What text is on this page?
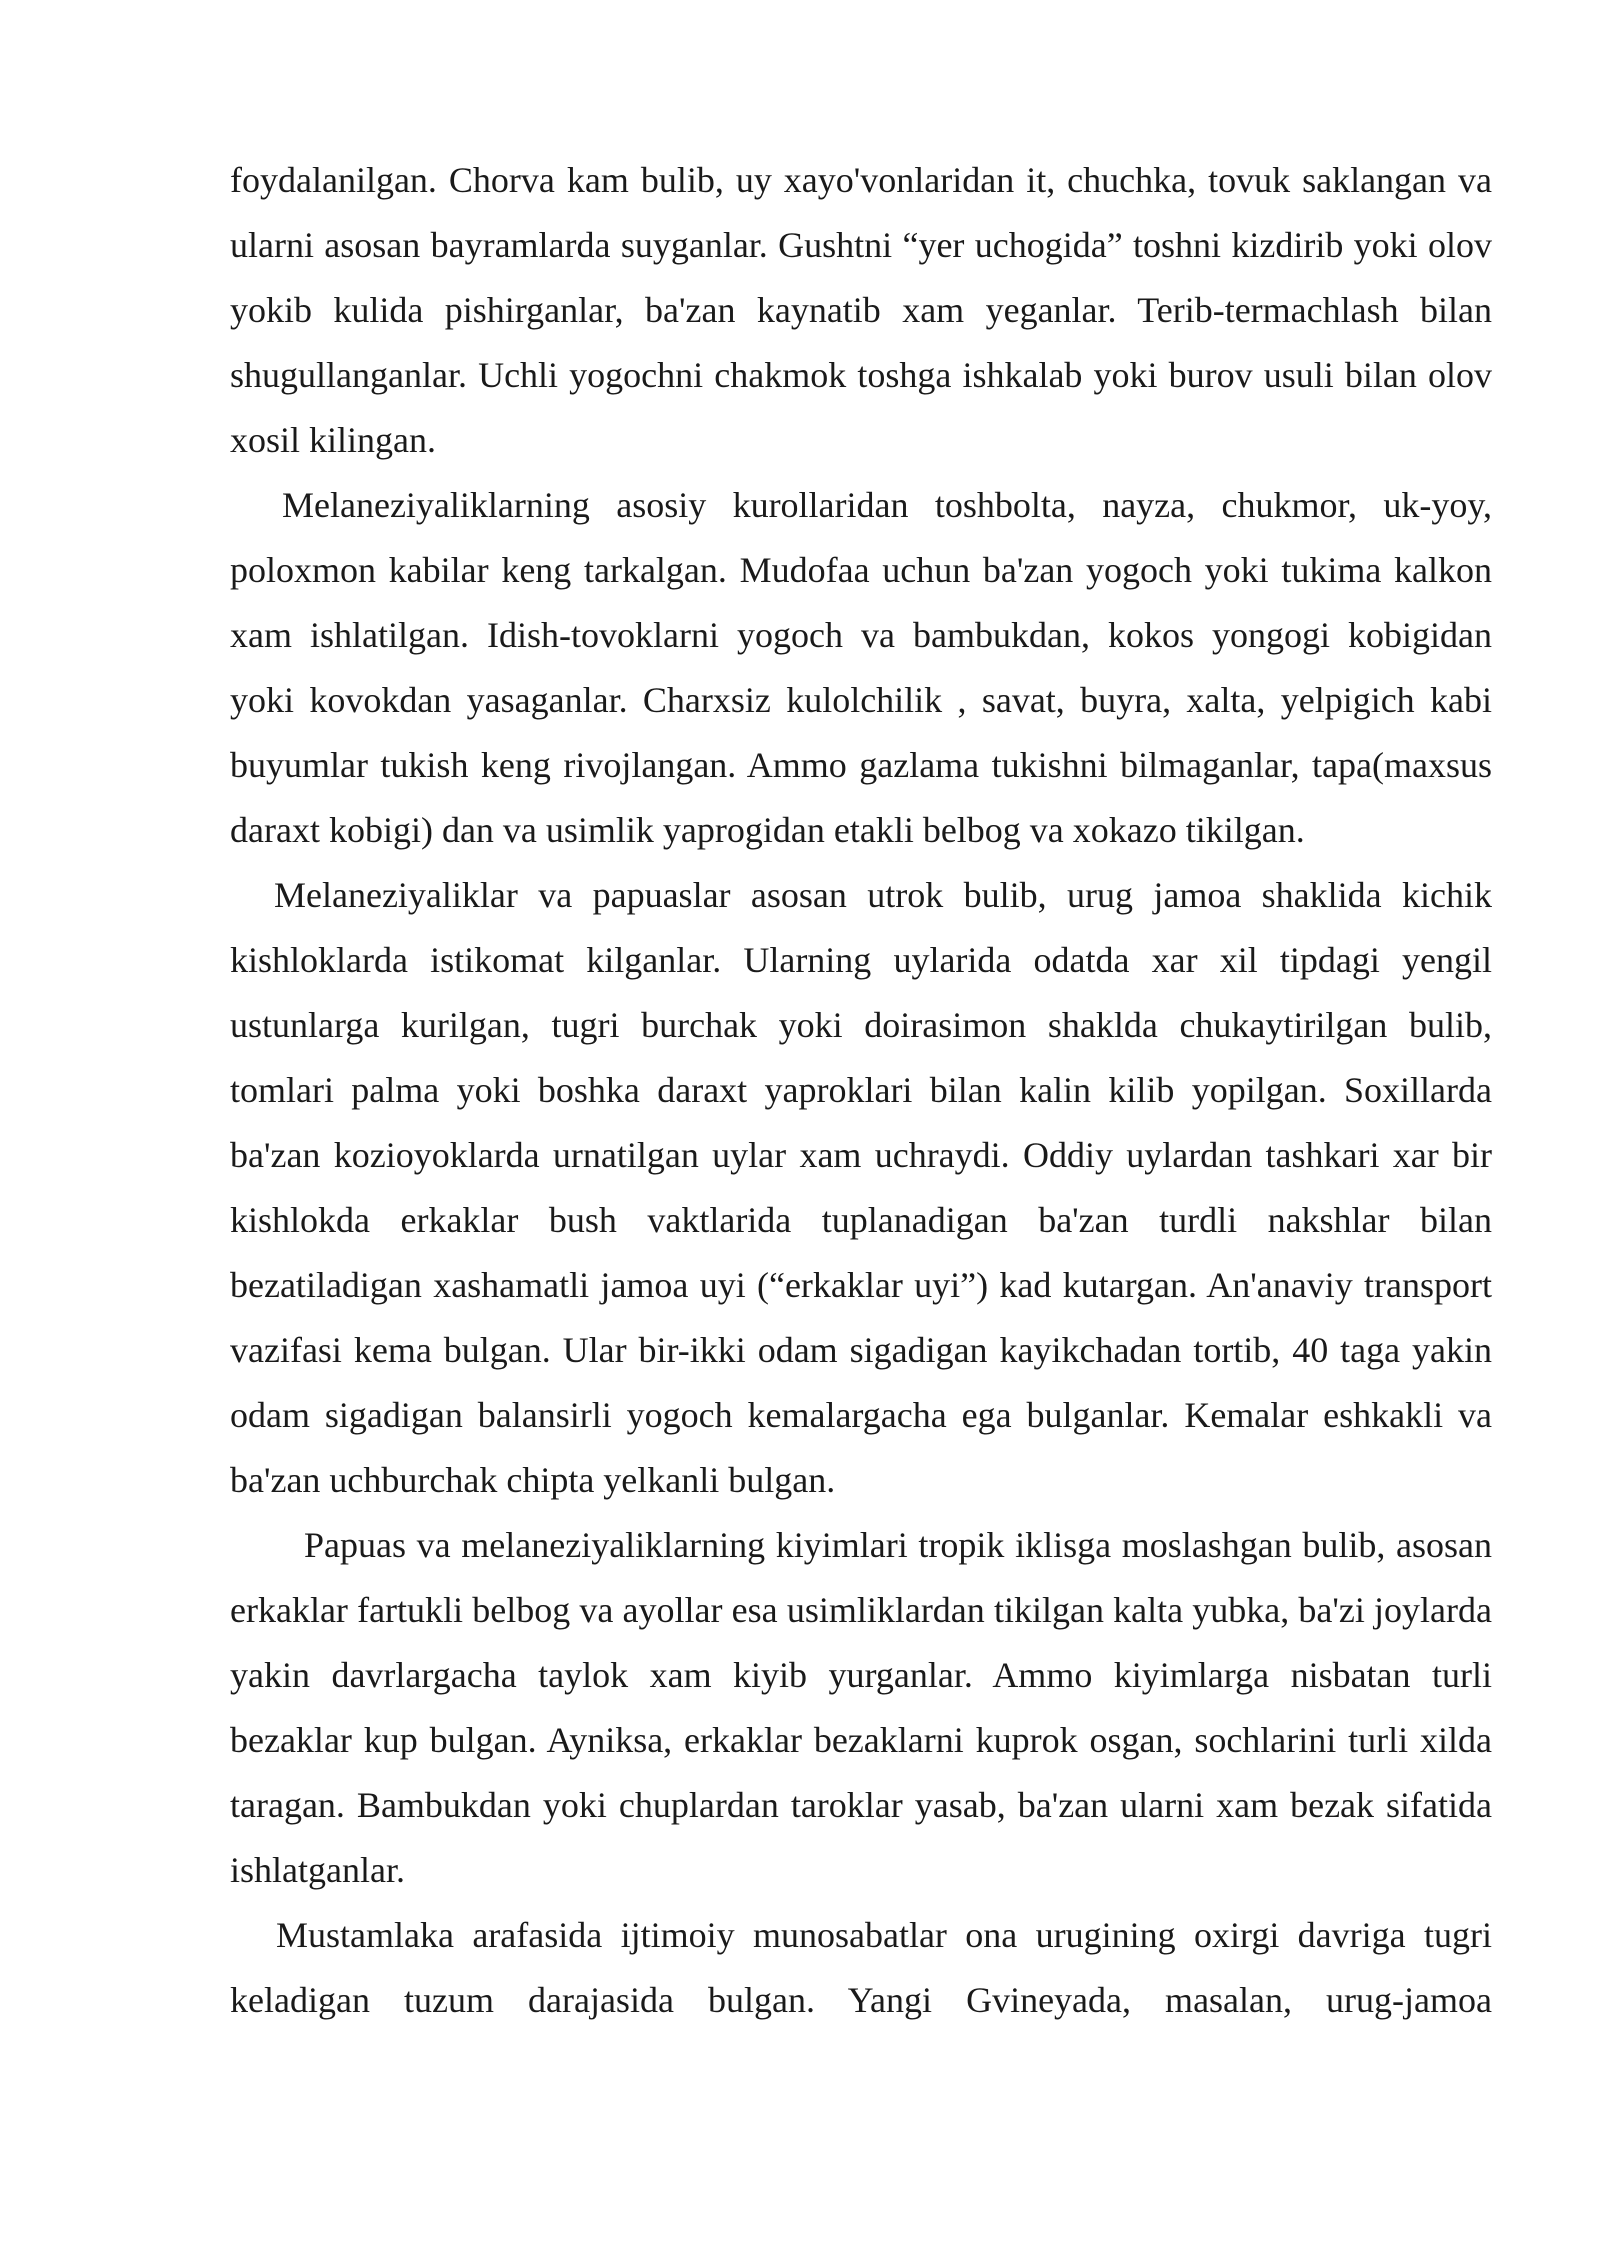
foydalanilgan. Chorva kam bulib, uy xayo'vonlaridan it, chuchka, tovuk saklangan va ularni asosan bayramlarda suyganlar. Gushtni “yer uchogida” toshni kizdirib yoki olov yokib kulida pishirganlar, ba'zan kaynatib xam yeganlar. Terib-termachlash bilan shugullanganlar. Uchli yogochni chakmok toshga ishkalab yoki burov usuli bilan olov xosil kilingan.

Melaneziyaliklarning asosiy kurollaridan toshbolta, nayza, chukmor, uk-yoy, poloxmon kabilar keng tarkalgan. Mudofaa uchun ba'zan yogoch yoki tukima kalkon xam ishlatilgan. Idish-tovoklarni yogoch va bambukdan, kokos yongogi kobigidan yoki kovokdan yasaganlar. Charxsiz kulolchilik , savat, buyra, xalta, yelpigich kabi buyumlar tukish keng rivojlangan. Ammo gazlama tukishni bilmaganlar, tapa(maxsus daraxt kobigi) dan va usimlik yaprogidan etakli belbog va xokazo tikilgan.

Melaneziyaliklar va papuaslar asosan utrok bulib, urug jamoa shaklida kichik kishloklarda istikomat kilganlar. Ularning uylarida odatda xar xil tipdagi yengil ustunlarga kurilgan, tugri burchak yoki doirasimon shakldа chukaytirilgan bulib, tomlari palma yoki boshka daraxt yaproklari bilan kalin kilib yopilgan. Soxillarda ba'zan kozioyoklarda urnatilgan uylar xam uchraydi. Oddiy uylardan tashkari xar bir kishlokda erkaklar bush vaktlarida tuplanadigan ba'zan turdli nakshlar bilan bezatiladigan xashamatli jamoa uyi (“erkaklar uyi”) kad kutargan. An'anaviy transport vazifasi kema bulgan. Ular bir-ikki odam sigadigan kayikchadan tortib, 40 taga yakin odam sigadigan balansirli yogoch kemalargacha ega bulganlar. Kemalar eshkakli va ba'zan uchburchak chipta yelkanli bulgan.

Papuas va melaneziyaliklarning kiyimlari tropik iklisga moslashgan bulib, asosan erkaklar fartukli belbog va ayollar esa usimliklardan tikilgan kalta yubka, ba'zi joylarda yakin davrlargacha taylok xam kiyib yurganlar. Ammo kiyimlarga nisbatan turli bezaklar kup bulgan. Ayniksa, erkaklar bezaklarni kuprok osgan, sochlarini turli xilda taragan. Bambukdan yoki chuplardan taroklar yasab, ba'zan ularni xam bezak sifatida ishlatganlar.

Mustamlaka arafasida ijtimoiy munosabatlar ona urugining oxirgi davriga tugri keladigan tuzum darajasida bulgan. Yangi Gvineyada, masalan, urug-jamoa
